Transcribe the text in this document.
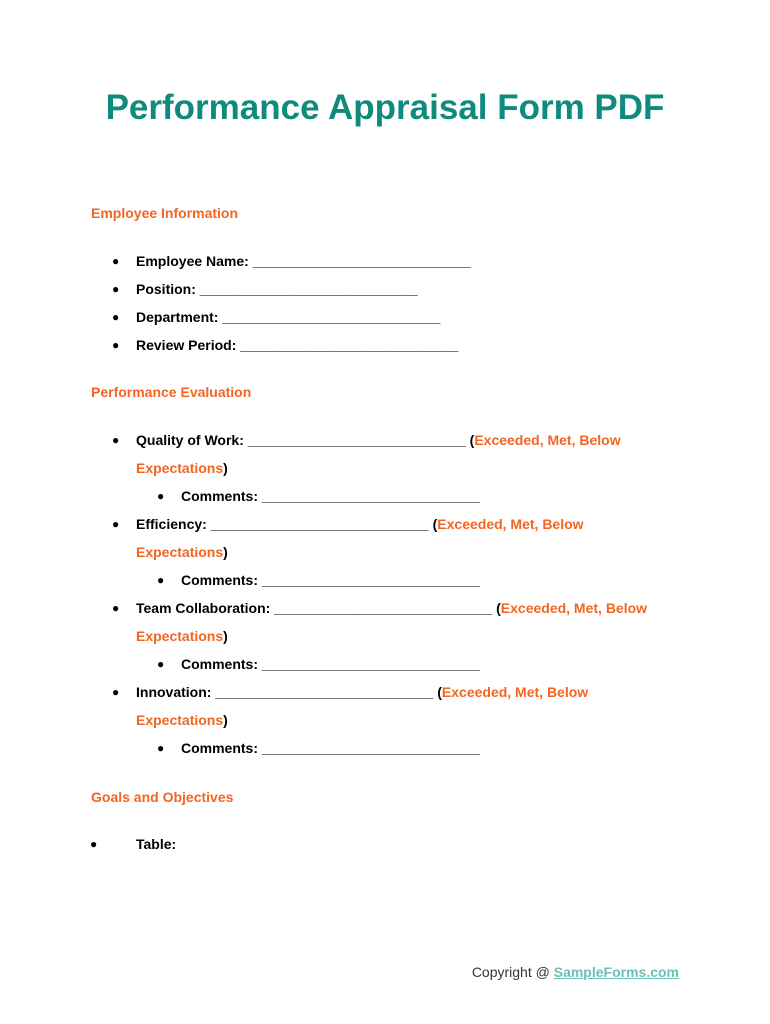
Performance Appraisal Form PDF
Employee Information
● Employee Name: ____________________________
● Position: ____________________________
● Department: ____________________________
● Review Period: ____________________________
Performance Evaluation
● Quality of Work: ____________________________ (Exceeded, Met, Below
Expectations)
● Comments: ____________________________
● Efficiency: ____________________________ (Exceeded, Met, Below
Expectations)
● Comments: ____________________________
● Team Collaboration: ____________________________ (Exceeded, Met, Below
Expectations)
● Comments: ____________________________
● Innovation: ____________________________ (Exceeded, Met, Below
Expectations)
● Comments: ____________________________
Goals and Objectives
●	Table:
Copyright @ SampleForms.com
